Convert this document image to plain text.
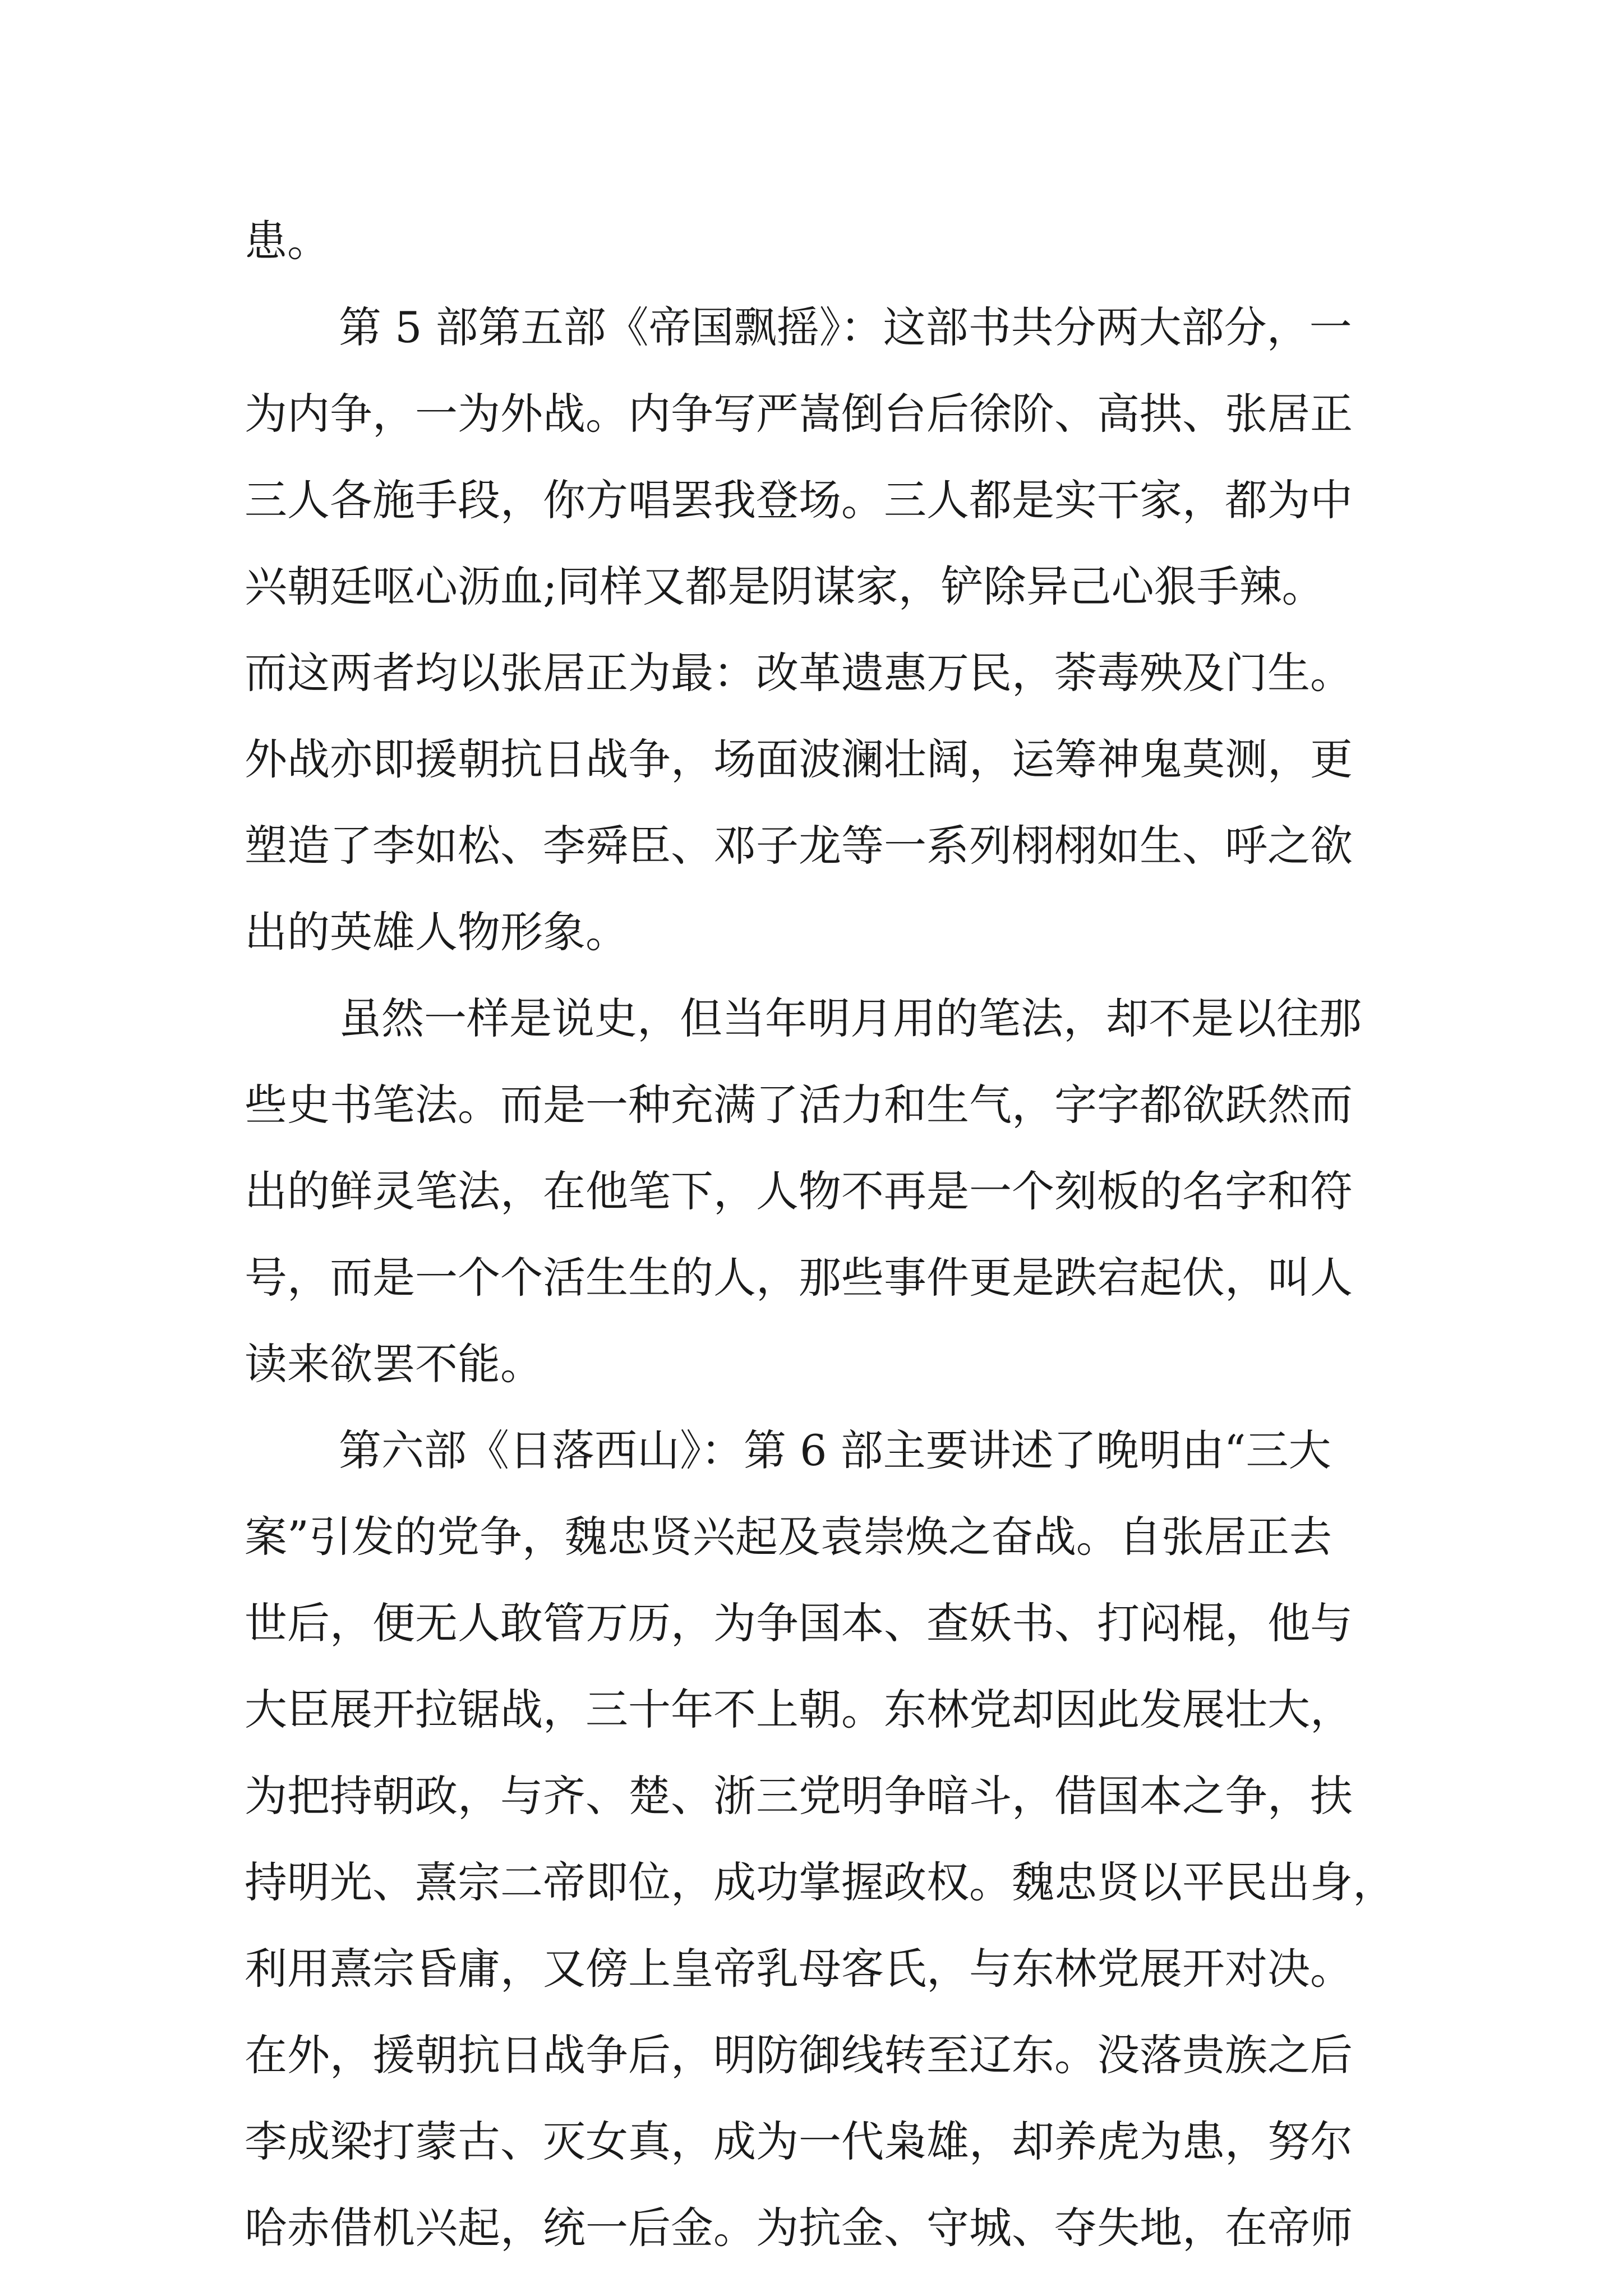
患。
第 5 部第五部《帝国飘摇》：这部书共分两大部分，一
为内争，一为外战。内争写严嵩倒台后徐阶、高拱、张居正
三人各施手段，你方唱罢我登场。三人都是实干家，都为中
兴朝廷呕心沥血;同样又都是阴谋家，铲除异己心狠手辣。
而这两者均以张居正为最：改革遗惠万民，荼毒殃及门生。
外战亦即援朝抗日战争，场面波澜壮阔，运筹神鬼莫测，更
塑造了李如松、李舜臣、邓子龙等一系列栩栩如生、呼之欲
出的英雄人物形象。
虽然一样是说史，但当年明月用的笔法，却不是以往那
些史书笔法。而是一种充满了活力和生气，字字都欲跃然而
出的鲜灵笔法，在他笔下，人物不再是一个刻板的名字和符
号，而是一个个活生生的人，那些事件更是跌宕起伏，叫人
读来欲罢不能。
第六部《日落西山》：第 6 部主要讲述了晚明由“三大
案”引发的党争，魏忠贤兴起及袁崇焕之奋战。自张居正去
世后，便无人敢管万历，为争国本、查妖书、打闷棍，他与
大臣展开拉锯战，三十年不上朝。东林党却因此发展壮大，
为把持朝政，与齐、楚、浙三党明争暗斗，借国本之争，扶
持明光、熹宗二帝即位，成功掌握政权。魏忠贤以平民出身，
利用熹宗昏庸，又傍上皇帝乳母客氏，与东林党展开对决。
在外，援朝抗日战争后，明防御线转至辽东。没落贵族之后
李成梁打蒙古、灭女真，成为一代枭雄，却养虎为患，努尔
哈赤借机兴起，统一后金。为抗金、守城、夺失地，在帝师
